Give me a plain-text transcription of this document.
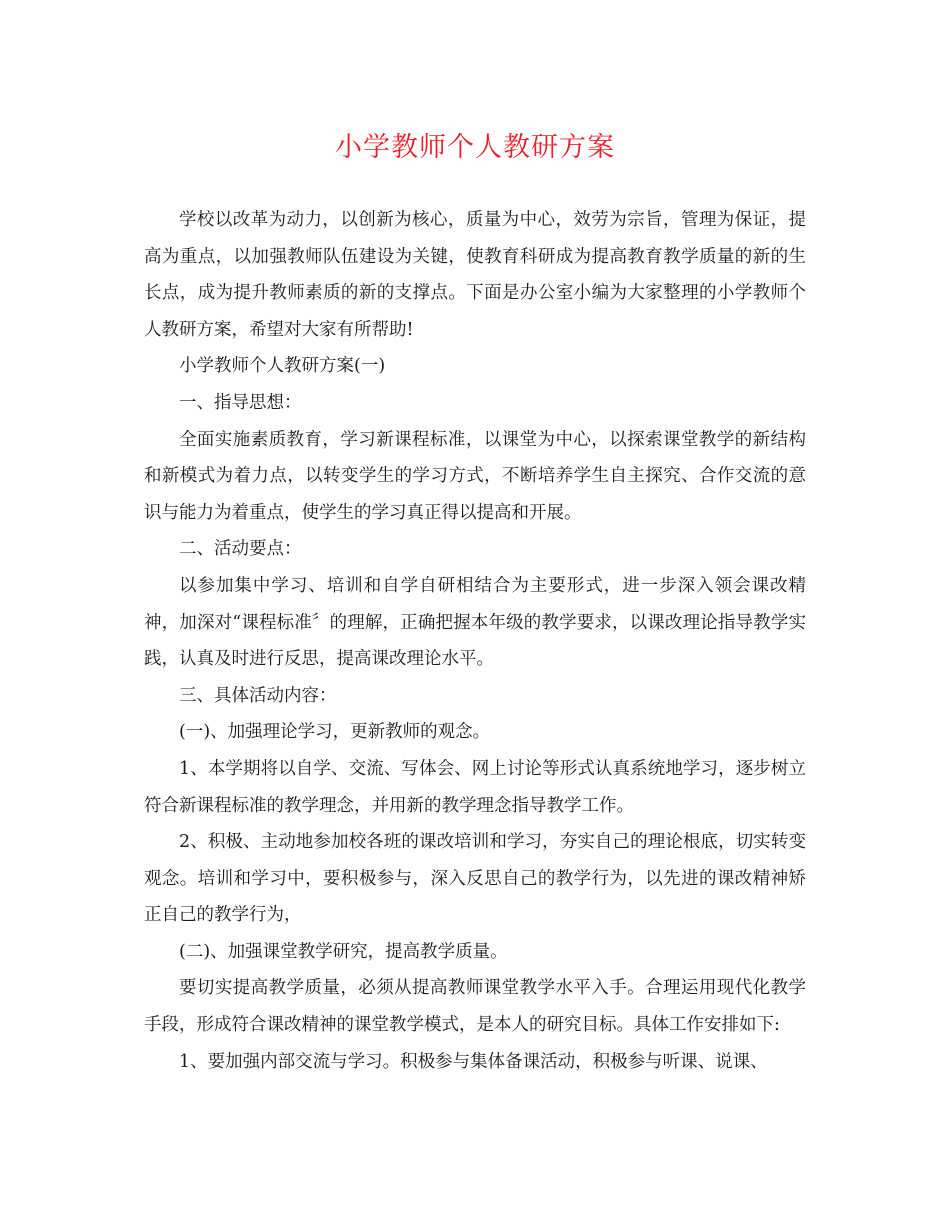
小学教师个人教研方案

学校以改革为动力，以创新为核心，质量为中心，效劳为宗旨，管理为保证，提高为重点，以加强教师队伍建设为关键，使教育科研成为提高教育教学质量的新的生长点，成为提升教师素质的新的支撑点。下面是办公室小编为大家整理的小学教师个人教研方案，希望对大家有所帮助!

小学教师个人教研方案(一)

一、指导思想：

全面实施素质教育，学习新课程标准，以课堂为中心，以探索课堂教学的新结构和新模式为着力点，以转变学生的学习方式，不断培养学生自主探究、合作交流的意识与能力为着重点，使学生的学习真正得以提高和开展。

二、活动要点：

以参加集中学习、培训和自学自研相结合为主要形式，进一步深入领会课改精神，加深对“课程标准〞的理解，正确把握本年级的教学要求，以课改理论指导教学实践，认真及时进行反思，提高课改理论水平。

三、具体活动内容：

(一)、加强理论学习，更新教师的观念。

1、本学期将以自学、交流、写体会、网上讨论等形式认真系统地学习，逐步树立符合新课程标准的教学理念，并用新的教学理念指导教学工作。

2、积极、主动地参加校各班的课改培训和学习，夯实自己的理论根底，切实转变观念。培训和学习中，要积极参与，深入反思自己的教学行为，以先进的课改精神矫正自己的教学行为，

(二)、加强课堂教学研究，提高教学质量。

要切实提高教学质量，必须从提高教师课堂教学水平入手。合理运用现代化教学手段，形成符合课改精神的课堂教学模式，是本人的研究目标。具体工作安排如下:

1、要加强内部交流与学习。积极参与集体备课活动，积极参与听课、说课、
